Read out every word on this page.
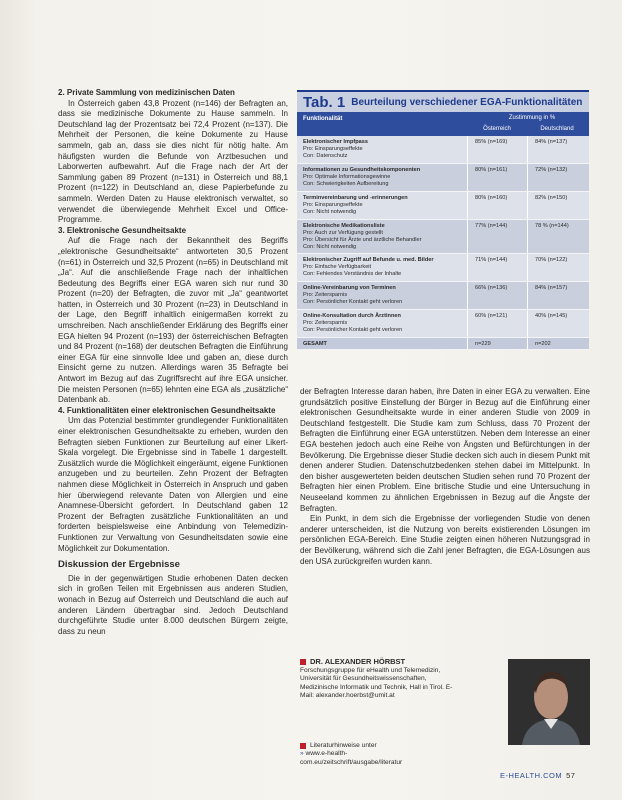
2. Private Sammlung von medizinischen Daten

In Österreich gaben 43,8 Prozent (n=146) der Befragten an, dass sie medizinische Dokumente zu Hause sammeln. In Deutschland lag der Prozentsatz bei 72,4 Prozent (n=137). Die Mehrheit der Personen, die keine Dokumente zu Hause sammeln, gab an, dass sie dies nicht für nötig halte. Am häufigsten wurden die Befunde von Arztbesuchen und Laborwerten aufbewahrt. Auf die Frage nach der Art der Sammlung gaben 89 Prozent (n=131) in Österreich und 88,1 Prozent (n=122) in Deutschland an, diese Papierbefunde zu sammeln. Werden Daten zu Hause elektronisch verwaltet, so verwendet die überwiegende Mehrheit Excel und Office-Programme.

3. Elektronische Gesundheitsakte

Auf die Frage nach der Bekanntheit des Begriffs „elektronische Gesundheitsakte“ antworteten 30,5 Prozent (n=61) in Österreich und 32,5 Prozent (n=65) in Deutschland mit „Ja“. Auf die anschließende Frage nach der inhaltlichen Bedeutung des Begriffs einer EGA waren sich nur rund 30 Prozent (n=20) der Befragten, die zuvor mit „Ja“ geantwortet hatten, in Österreich und 30 Prozent (n=23) in Deutschland in der Lage, den Begriff inhaltlich einigermaßen korrekt zu umschreiben. Nach anschließender Erklärung des Begriffs einer EGA hielten 94 Prozent (n=193) der österreichischen Befragten und 84 Prozent (n=168) der deutschen Befragten die Einführung einer EGA für eine sinnvolle Idee und gaben an, diese durch Einsicht gerne zu nutzen. Allerdings waren 35 Befragte bei Antwort im Bezug auf das Zugriffsrecht auf ihre EGA unsicher. Die meisten Personen (n=65) lehnten eine EGA als „zusätzliche“ Datenbank ab.

4. Funktionalitäten einer elektronischen Gesundheitsakte

Um das Potenzial bestimmter grundlegender Funktionalitäten einer elektronischen Gesundheitsakte zu erheben, wurden den Befragten sieben Funktionen zur Beurteilung auf einer Likert-Skala vorgelegt. Die Ergebnisse sind in Tabelle 1 dargestellt. Zusätzlich wurde die Möglichkeit eingeräumt, eigene Funktionen anzugeben und zu beurteilen. Zehn Prozent der Befragten nahmen diese Möglichkeit in Österreich in Anspruch und gaben hier überwiegend relevante Daten von Allergien und eine Anamnese-Übersicht gefordert. In Deutschland gaben 12 Prozent der Befragten zusätzliche Funktionalitäten an und forderten beispielsweise eine Anbindung von Telemedizin-Funktionen zur Verwaltung von Gesundheitsdaten sowie eine Möglichkeit zur Dokumentation.

Diskussion der Ergebnisse

Die in der gegenwärtigen Studie erhobenen Daten decken sich in großen Teilen mit Ergebnissen aus anderen Studien, wonach in Bezug auf Österreich und Deutschland die auch auf anderen Ländern übertragbar sind. Jedoch Deutschland durchgeführte Studie unter 8.000 deutschen Bürgern zeigte, dass zu neun

Tab. 1 Beurteilung verschiedener EGA-Funktionalitäten
Funktionalität	Zustimmung in %
Österreich	Deutschland
Elektronischer Impfpass
Pro: Einsparungseffekte
Con: Datenschutz
85% (n=169)	84% (n=137)
Informationen zu Gesundheitskomponenten
Pro: Optimale Informationsgewinne
Con: Schwierigkeiten Aufbereitung
80% (n=161)	72% (n=132)
Terminvereinbarung und -erinnerungen
Pro: Einsparungseffekte
Con: Nicht notwendig
80% (n=160)	82% (n=150)
Elektronische Medikationsliste
Pro: Auch zur Verfügung gestellt
Pro: Übersicht für Ärzte und ärztliche Behandler
Con: Nicht notwendig
77% (n=144)	78 % (n=144)
Elektronischer Zugriff auf Befunde u. med. Bilder
Pro: Einfache Verfügbarkeit
Con: Fehlendes Verständnis der Inhalte
71% (n=144)	70% (n=122)
Online-Vereinbarung von Terminen
Pro: Zeitersparnis
Con: Persönlicher Kontakt geht verloren
66% (n=136)	84% (n=157)
Online-Konsultation durch Ärztinnen
Pro: Zeitersparnis
Con: Persönlicher Kontakt geht verloren
60% (n=121)	40% (n=145)
GESAMT	n=229	n=202

der Befragten Interesse daran haben, ihre Daten in einer EGA zu verwalten. Eine grundsätzlich positive Einstellung der Bürger in Bezug auf die Einführung einer elektronischen Gesundheitsakte wurde in einer anderen Studie von 2009 in Deutschland festgestellt. Die Studie kam zum Schluss, dass 70 Prozent der Befragten die Einführung einer EGA unterstützen. Neben dem Interesse an einer EGA bestehen jedoch auch eine Reihe von Ängsten und Befürchtungen in der Bevölkerung. Die Ergebnisse dieser Studie decken sich auch in diesem Punkt mit denen anderer Studien. Datenschutzbedenken stehen dabei im Mittelpunkt. In den bisher ausgewerteten beiden deutschen Studien sehen rund 70 Prozent der Befragten hier einen Problem. Eine britische Studie und eine Untersuchung in Neuseeland kommen zu ähnlichen Ergebnissen in Bezug auf die Ängste der Befragten.

Ein Punkt, in dem sich die Ergebnisse der vorliegenden Studie von denen anderer unterscheiden, ist die Nutzung von bereits existierenden Lösungen im persönlichen EGA-Bereich. Eine Studie zeigten einen höheren Nutzungsgrad in der Bevölkerung, während sich die Zahl jener Befragten, die EGA-Lösungen aus den USA zurückgreifen wurden kann.

DR. ALEXANDER HÖRBST
Forschungsgruppe für eHealth und Telemedizin, Universität für Gesundheitswissenschaften, Medizinische Informatik und Technik, Hall in Tirol. E-Mail: alexander.hoerbst@umit.at
Literaturhinweise unter
» www.e-health-
com.eu/zeitschrift/ausgabe/literatur
E-HEALTH.COM 57
